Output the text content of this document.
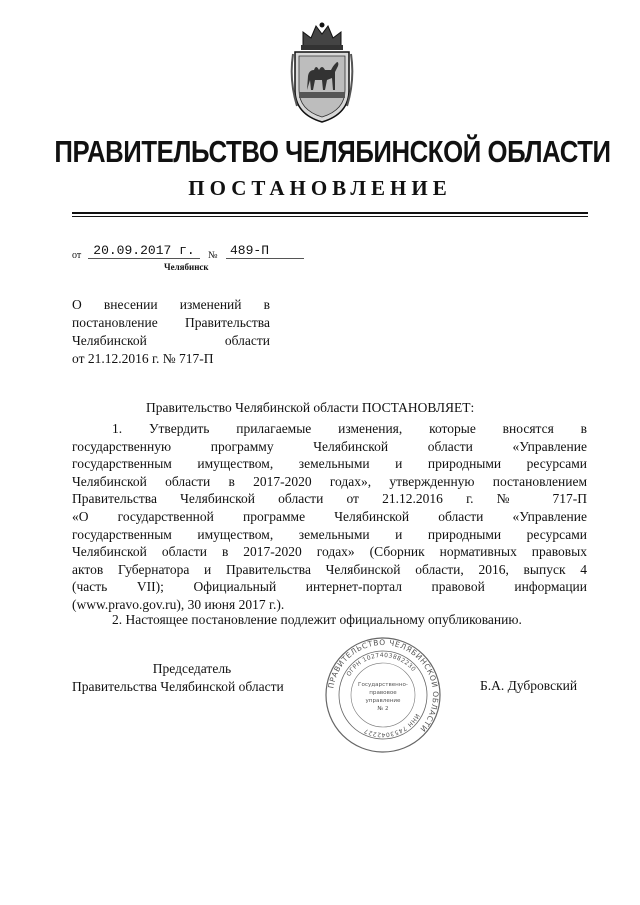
ПРАВИТЕЛЬСТВО ЧЕЛЯБИНСКОЙ ОБЛАСТИ
ПОСТАНОВЛЕНИЕ
от 20.09.2017 г.	№ 489-П
Челябинск
О внесении изменений в
постановление Правительства
Челябинской области
от 21.12.2016 г. № 717-П
Правительство Челябинской области ПОСТАНОВЛЯЕТ:
1. Утвердить прилагаемые изменения, которые вносятся в
государственную программу Челябинской области «Управление
государственным имуществом, земельными и природными ресурсами
Челябинской области в 2017-2020 годах», утвержденную постановлением
Правительства Челябинской области от 21.12.2016 г. № 717-П
«О государственной программе Челябинской области «Управление
государственным имуществом, земельными и природными ресурсами
Челябинской области в 2017-2020 годах» (Сборник нормативных правовых
актов Губернатора и Правительства Челябинской области, 2016, выпуск 4
(часть VII); Официальный интернет-портал правовой информации
(www.pravo.gov.ru), 30 июня 2017 г.).
2. Настоящее постановление подлежит официальному опубликованию.
Председатель
Правительства Челябинской области	Б.А. Дубровский
ПРАВИТЕЛЬСТВО ЧЕЛЯБИНСКОЙ ОБЛАСТИ
ОГРН 1027403882230
ИНН 7453042227
Государственно-
правовое
управление
№ 2
